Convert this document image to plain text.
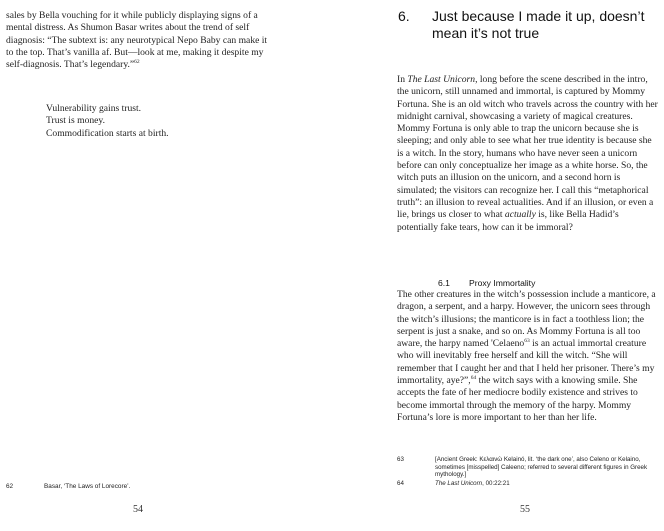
sales by Bella vouching for it while publicly displaying signs of a mental distress. As Shumon Basar writes about the trend of self diagnosis: “The subtext is: any neurotypical Nepo Baby can make it to the top. That’s vanilla af. But—look at me, making it despite my self-diagnosis. That’s legendary.”$^{62}$
Vulnerability gains trust.
Trust is money.
Commodification starts at birth.
62	Basar, ‘The Laws of Lorecore’.
54
6. Just because I made it up, doesn’t mean it’s not true
In The Last Unicorn, long before the scene described in the intro, the unicorn, still unnamed and immortal, is captured by Mommy Fortuna. She is an old witch who travels across the country with her midnight carnival, showcasing a variety of magical creatures. Mommy Fortuna is only able to trap the unicorn because she is sleeping; and only able to see what her true identity is because she is a witch. In the story, humans who have never seen a unicorn before can only conceptualize her image as a white horse. So, the witch puts an illusion on the unicorn, and a second horn is simulated; the visitors can recognize her. I call this “metaphorical truth”: an illusion to reveal actualities. And if an illusion, or even a lie, brings us closer to what actually is, like Bella Hadid’s potentially fake tears, how can it be immoral?
6.1 Proxy Immortality
The other creatures in the witch’s possession include a manticore, a dragon, a serpent, and a harpy. However, the unicorn sees through the witch’s illusions; the manticore is in fact a toothless lion; the serpent is just a snake, and so on. As Mommy Fortuna is all too aware, the harpy named 'Celaeno$^{63}$ is an actual immortal creature who will inevitably free herself and kill the witch. “She will remember that I caught her and that I held her prisoner. There’s my immortality, aye?”,$^{64}$ the witch says with a knowing smile. She accepts the fate of her mediocre bodily existence and strives to become immortal through the memory of the harpy. Mommy Fortuna’s lore is more important to her than her life.
63	[Ancient Greek: Κελαινώ Kelainó, lit. ‘the dark one’, also Celeno or Kelaino, sometimes [misspelled] Caleeno; referred to several different figures in Greek mythology.]
64	The Last Unicorn, 00:22:21
55
